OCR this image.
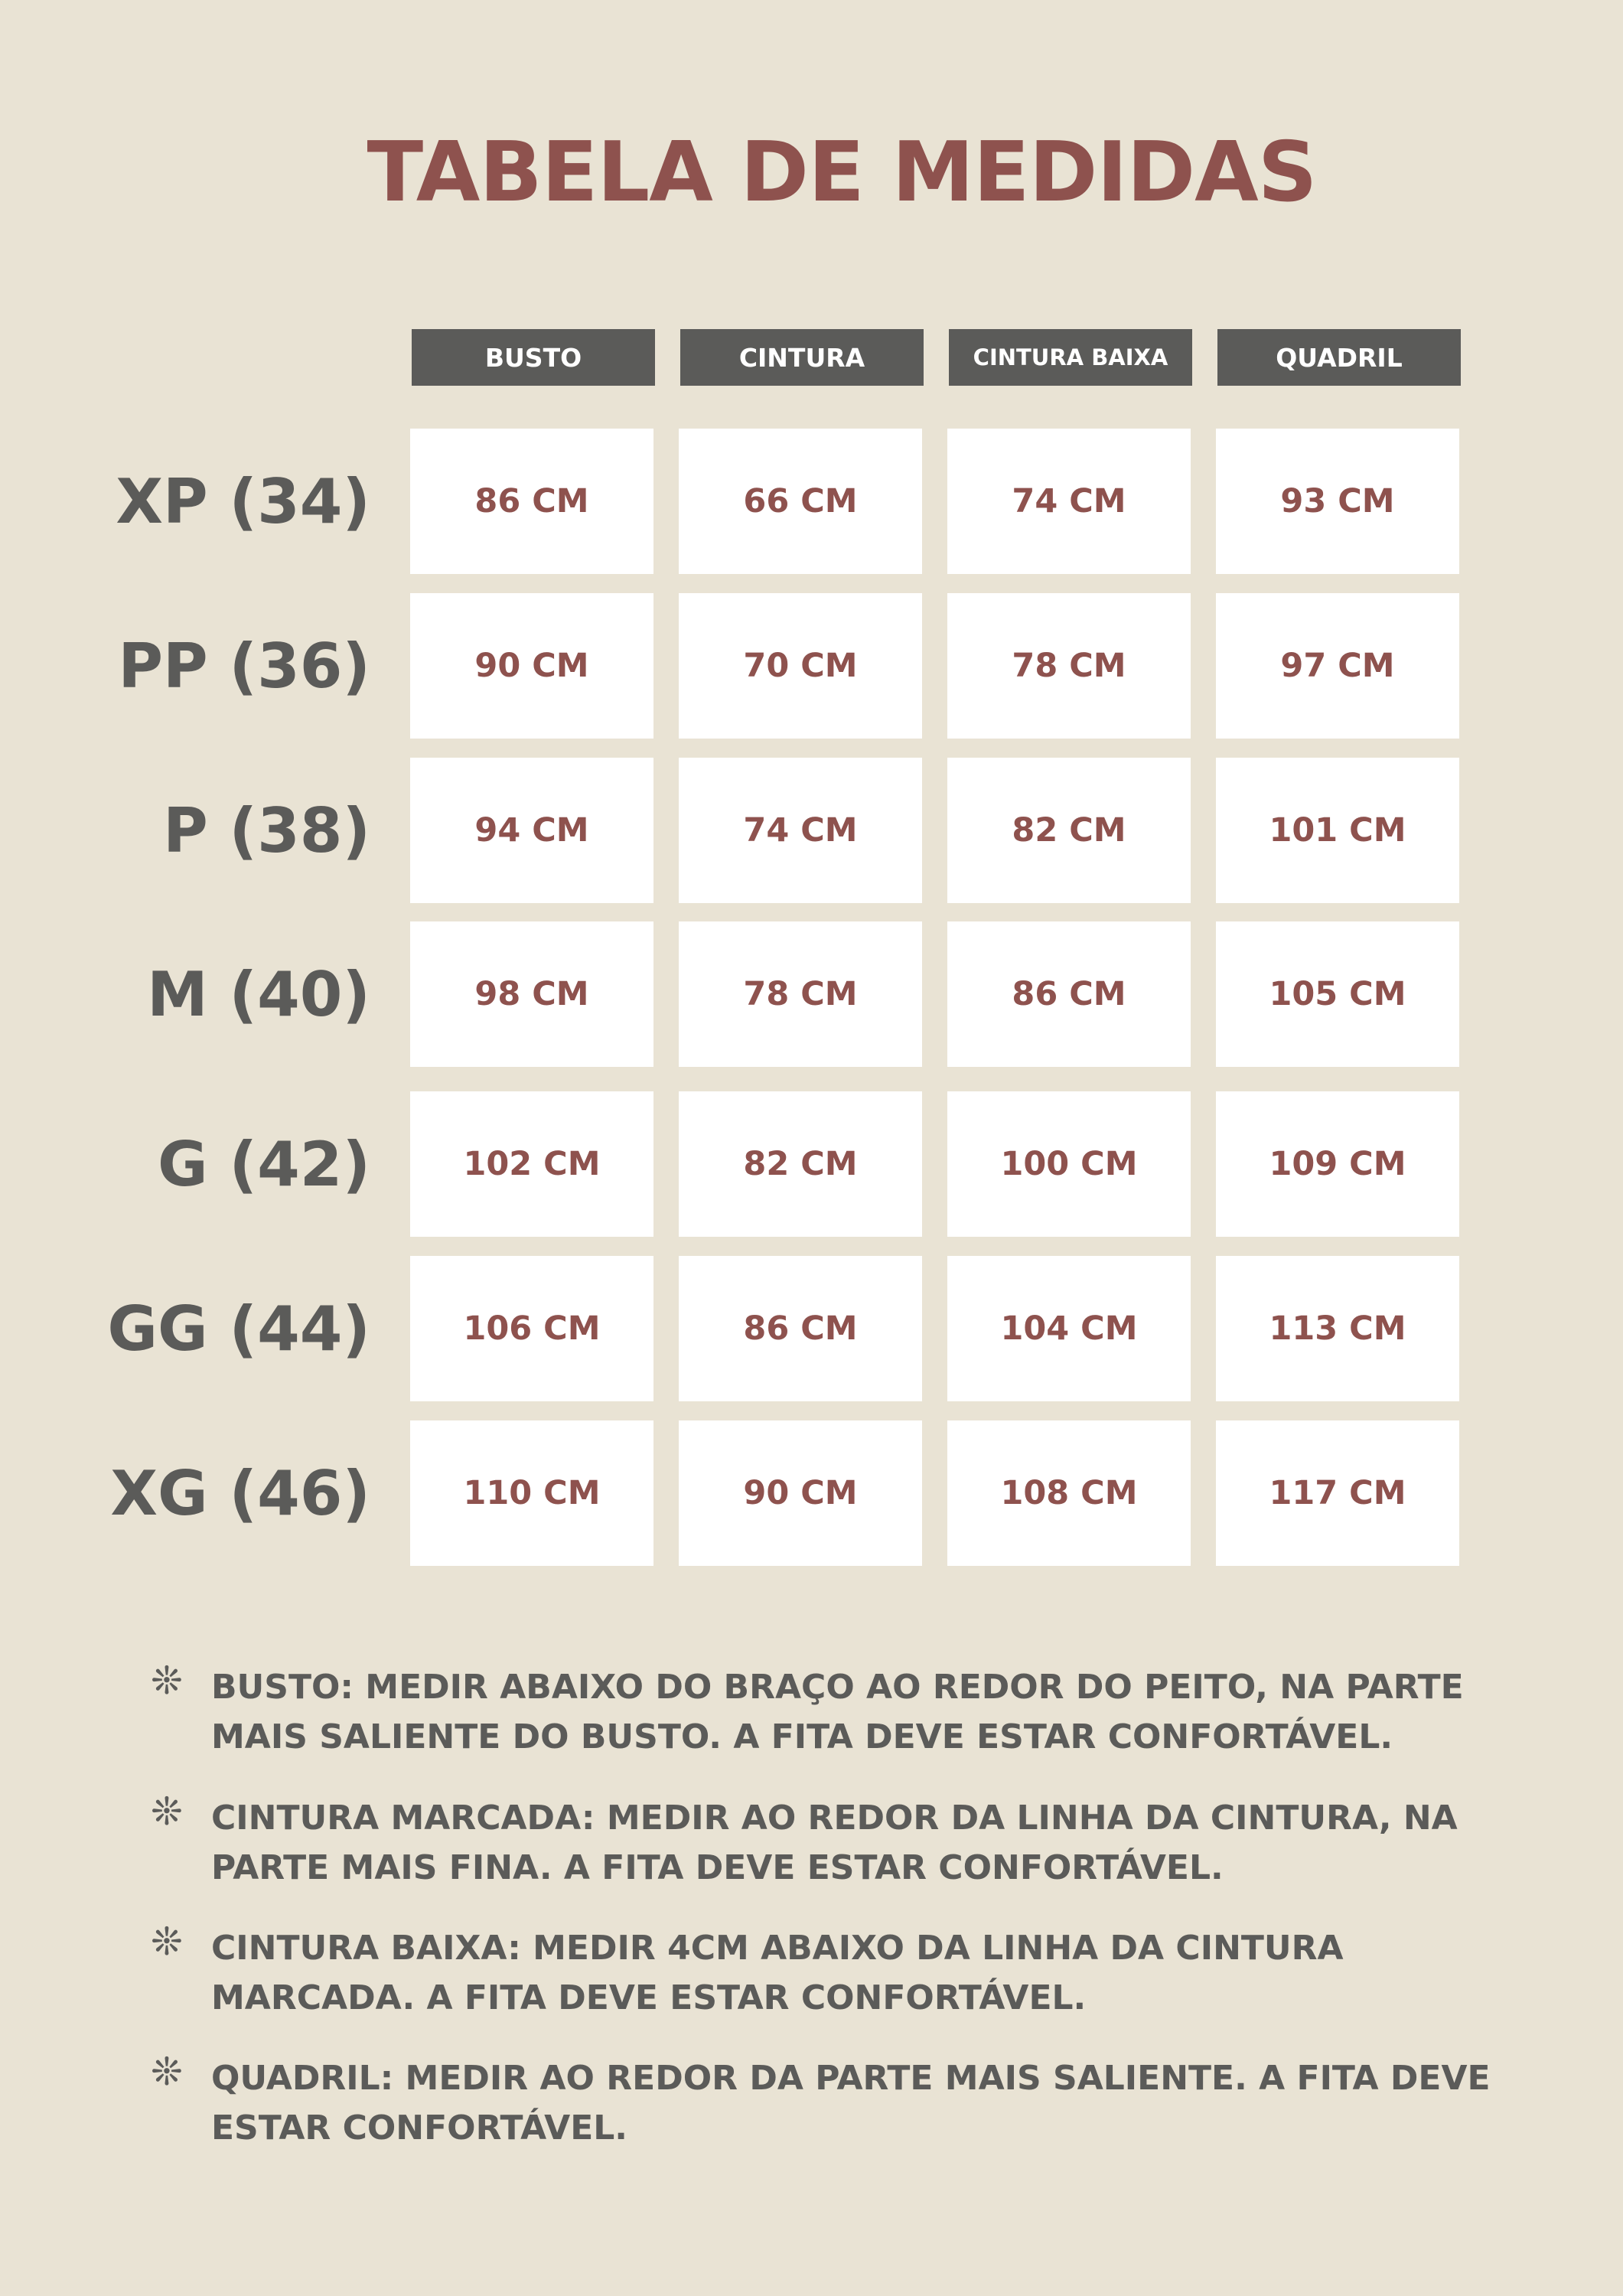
TABELA DE MEDIDAS
BUSTO	CINTURA	CINTURA BAIXA	QUADRIL
XP (34)	86 CM	66 CM	74 CM	93 CM
PP (36)	90 CM	70 CM	78 CM	97 CM
P (38)	94 CM	74 CM	82 CM	101 CM
M (40)	98 CM	78 CM	86 CM	105 CM
G (42)	102 CM	82 CM	100 CM	109 CM
GG (44)	106 CM	86 CM	104 CM	113 CM
XG (46)	110 CM	90 CM	108 CM	117 CM
❊ BUSTO: MEDIR ABAIXO DO BRAÇO AO REDOR DO PEITO, NA PARTE
MAIS SALIENTE DO BUSTO. A FITA DEVE ESTAR CONFORTÁVEL.
❊ CINTURA MARCADA: MEDIR AO REDOR DA LINHA DA CINTURA, NA
PARTE MAIS FINA. A FITA DEVE ESTAR CONFORTÁVEL.
❊ CINTURA BAIXA: MEDIR 4CM ABAIXO DA LINHA DA CINTURA
MARCADA. A FITA DEVE ESTAR CONFORTÁVEL.
❊ QUADRIL: MEDIR AO REDOR DA PARTE MAIS SALIENTE. A FITA DEVE
ESTAR CONFORTÁVEL.
